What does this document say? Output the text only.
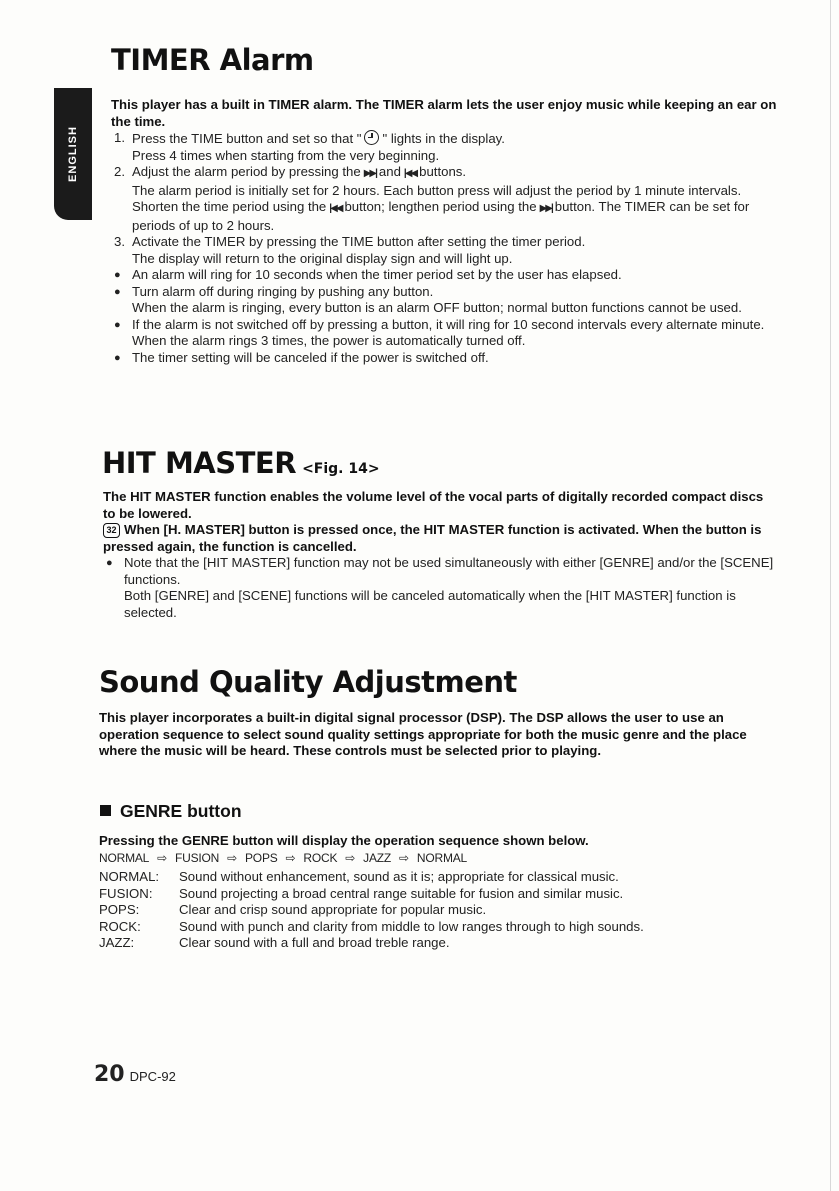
ENGLISH
TIMER Alarm

This player has a built in TIMER alarm. The TIMER alarm lets the user enjoy music while keeping an ear on the time.

1. Press the TIME button and set so that " " lights in the display.

Press 4 times when starting from the very beginning.

2. Adjust the alarm period by pressing the ▶▶| and |◀◀ buttons.

The alarm period is initially set for 2 hours. Each button press will adjust the period by 1 minute intervals.

Shorten the time period using the |◀◀ button; lengthen period using the ▶▶| button. The TIMER can be set for periods of up to 2 hours.

3. Activate the TIMER by pressing the TIME button after setting the timer period.

The display will return to the original display sign and will light up.

● An alarm will ring for 10 seconds when the timer period set by the user has elapsed.
● Turn alarm off during ringing by pushing any button.

When the alarm is ringing, every button is an alarm OFF button; normal button functions cannot be used.

● If the alarm is not switched off by pressing a button, it will ring for 10 second intervals every alternate minute. When the alarm rings 3 times, the power is automatically turned off.
● The timer setting will be canceled if the power is switched off.
HIT MASTER <Fig. 14>

The HIT MASTER function enables the volume level of the vocal parts of digitally recorded compact discs to be lowered.

32 When [H. MASTER] button is pressed once, the HIT MASTER function is activated. When the button is pressed again, the function is cancelled.

● Note that the [HIT MASTER] function may not be used simultaneously with either [GENRE] and/or the [SCENE] functions.

Both [GENRE] and [SCENE] functions will be canceled automatically when the [HIT MASTER] function is selected.

Sound Quality Adjustment

This player incorporates a built-in digital signal processor (DSP). The DSP allows the user to use an operation sequence to select sound quality settings appropriate for both the music genre and the place where the music will be heard. These controls must be selected prior to playing.

GENRE button

Pressing the GENRE button will display the operation sequence shown below.

NORMAL ⇨ FUSION ⇨ POPS ⇨ ROCK ⇨ JAZZ ⇨ NORMAL

NORMAL:	Sound without enhancement, sound as it is; appropriate for classical music.
FUSION:	Sound projecting a broad central range suitable for fusion and similar music.
POPS:	Clear and crisp sound appropriate for popular music.
ROCK:	Sound with punch and clarity from middle to low ranges through to high sounds.
JAZZ:	Clear sound with a full and broad treble range.
20 DPC-92
